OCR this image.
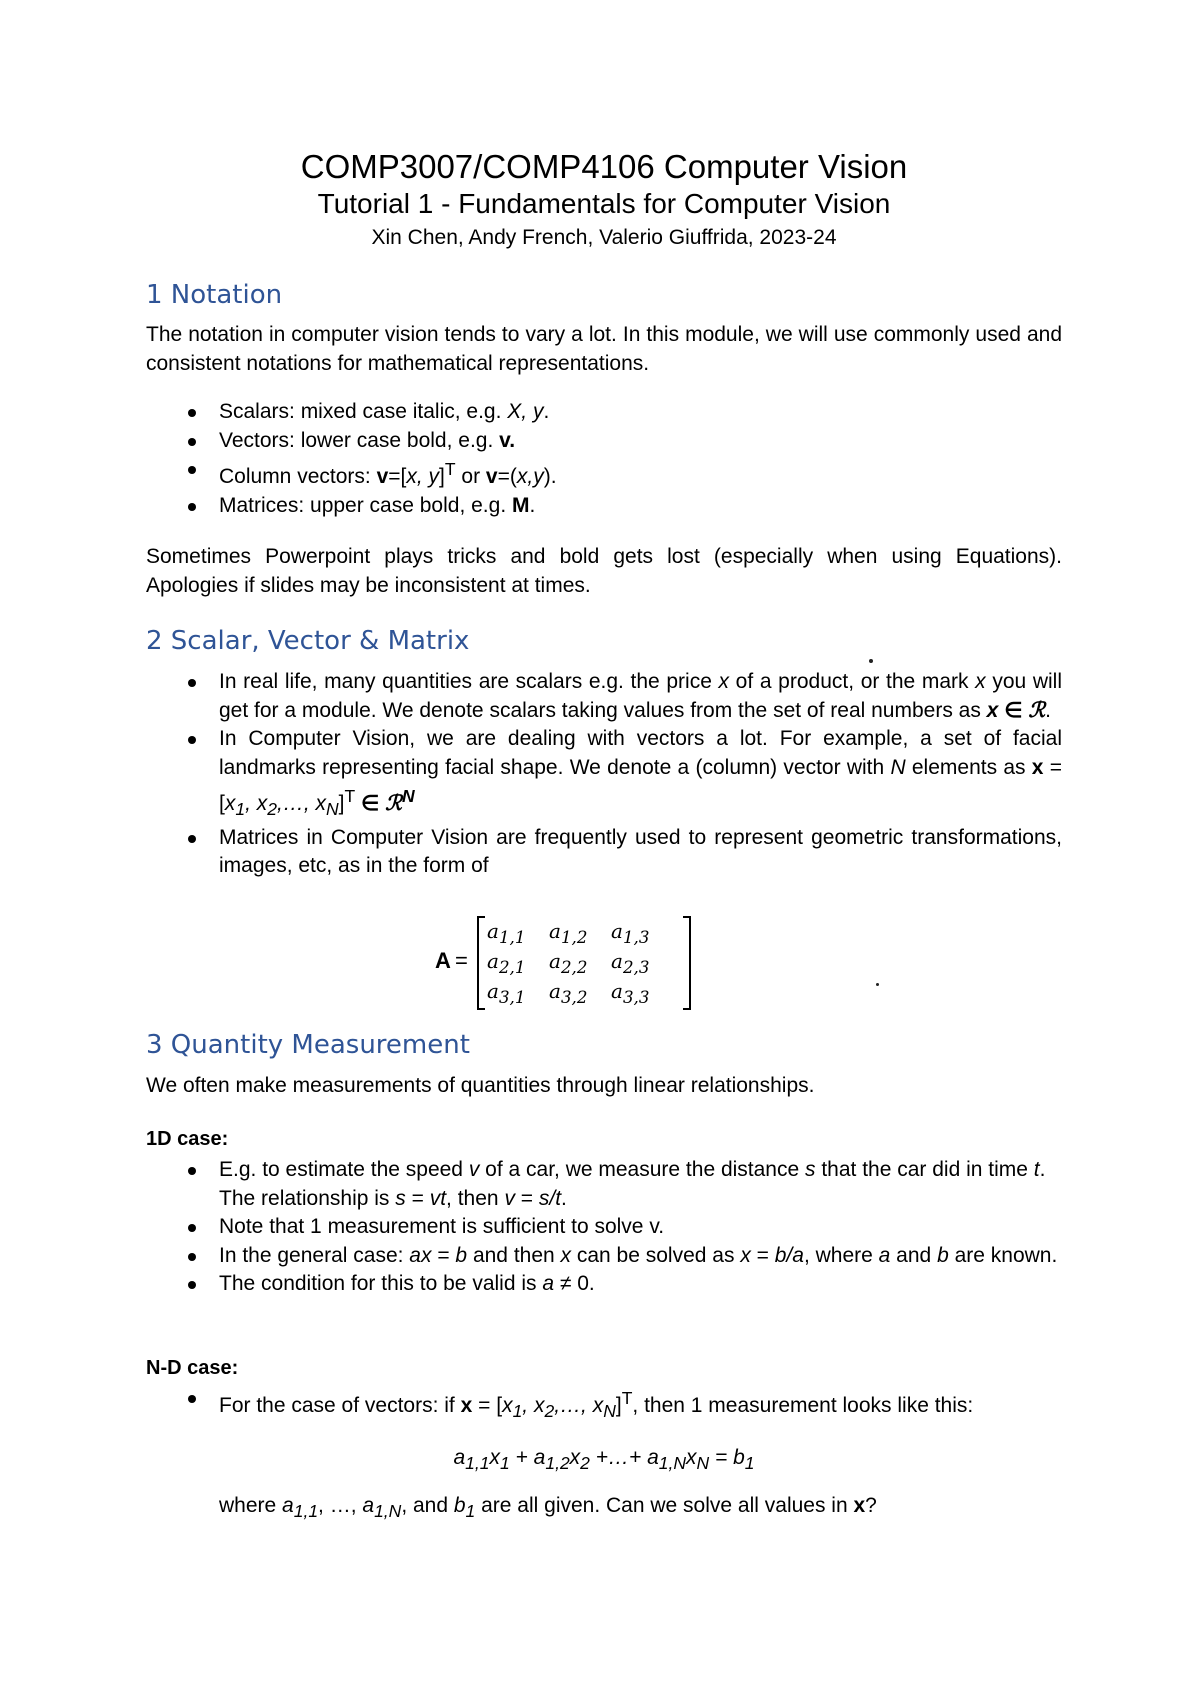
COMP3007/COMP4106 Computer Vision
Tutorial 1 - Fundamentals for Computer Vision
Xin Chen, Andy French, Valerio Giuffrida, 2023-24
1 Notation

The notation in computer vision tends to vary a lot. In this module, we will use commonly used and consistent notations for mathematical representations.

Scalars: mixed case italic, e.g. X, y.
Vectors: lower case bold, e.g. v.
Column vectors: v=[x, y]$^T$ or v=(x,y).
Matrices: upper case bold, e.g. M.

Sometimes Powerpoint plays tricks and bold gets lost (especially when using Equations). Apologies if slides may be inconsistent at times.

2 Scalar, Vector & Matrix
In real life, many quantities are scalars e.g. the price x of a product, or the mark x you will get for a module. We denote scalars taking values from the set of real numbers as x ∈ ℛ.
In Computer Vision, we are dealing with vectors a lot. For example, a set of facial landmarks representing facial shape. We denote a (column) vector with N elements as $x = [x_1$, $x_2,\dots$, $x_N]^T$ ∈ ℛ$^N$
Matrices in Computer Vision are frequently used to represent geometric transformations, images, etc, as in the form of
A =
$a_{1,1}$	$a_{1,2}$	$a_{1,3}$
$a_{2,1}$	$a_{2,2}$	$a_{2,3}$
$a_{3,1}$	$a_{3,2}$	$a_{3,3}$
3 Quantity Measurement

We often make measurements of quantities through linear relationships.

1D case:

E.g. to estimate the speed v of a car, we measure the distance s that the car did in time t. The relationship is s = vt, then v = s/t.
Note that 1 measurement is sufficient to solve v.
In the general case: ax = b and then x can be solved as x = b/a, where a and b are known.
The condition for this to be valid is a ≠ 0.

N-D case:

For the case of vectors: if $x = [x_1$, $x_2,\dots$, $x_N]^T$, then 1 measurement looks like this:
$a_{1,1}x_1 + a_{1,2}x_2$ +…+ $a_{1,N}x_N = b_1$
where $a_{1,1}$, …, $a_{1,N}$, and $b_1$ are all given. Can we solve all values in x?
